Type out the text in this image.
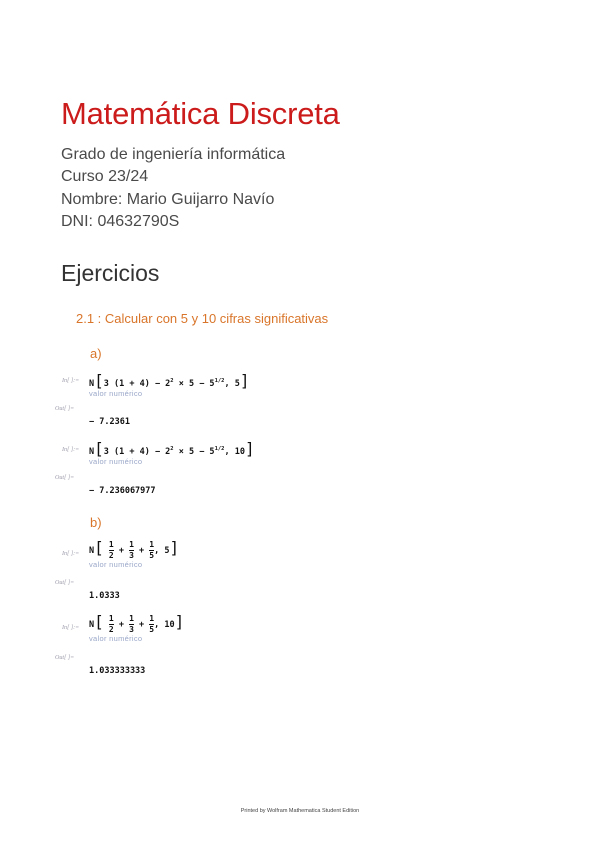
Matemática Discreta
Grado de ingeniería informática
Curso 23/24
Nombre: Mario Guijarro Navío
DNI: 04632790S
Ejercicios
2.1 : Calcular con 5 y 10 cifras significativas
a)
In[ ]:= N[3 $(1 + 4) - 2^2 \times 5 - 5^{1/2}$, 5]
valor numérico
Out[ ]=
− 7.2361
In[ ]:= N[3 $(1 + 4) - 2^2 \times 5 - 5^{1/2}$, 10]
valor numérico
Out[ ]=
− 7.236067977
b)
In[ ]:= $N[ \frac{1}{2} + \frac{1}{3} + \frac{1}{5}$ , 5]
valor numérico
Out[ ]=
1.0333
In[ ]:= $N[ \frac{1}{2} + \frac{1}{3} + \frac{1}{5}$ , 10]
valor numérico
Out[ ]=
1.033333333
Printed by Wolfram Mathematica Student Edition
